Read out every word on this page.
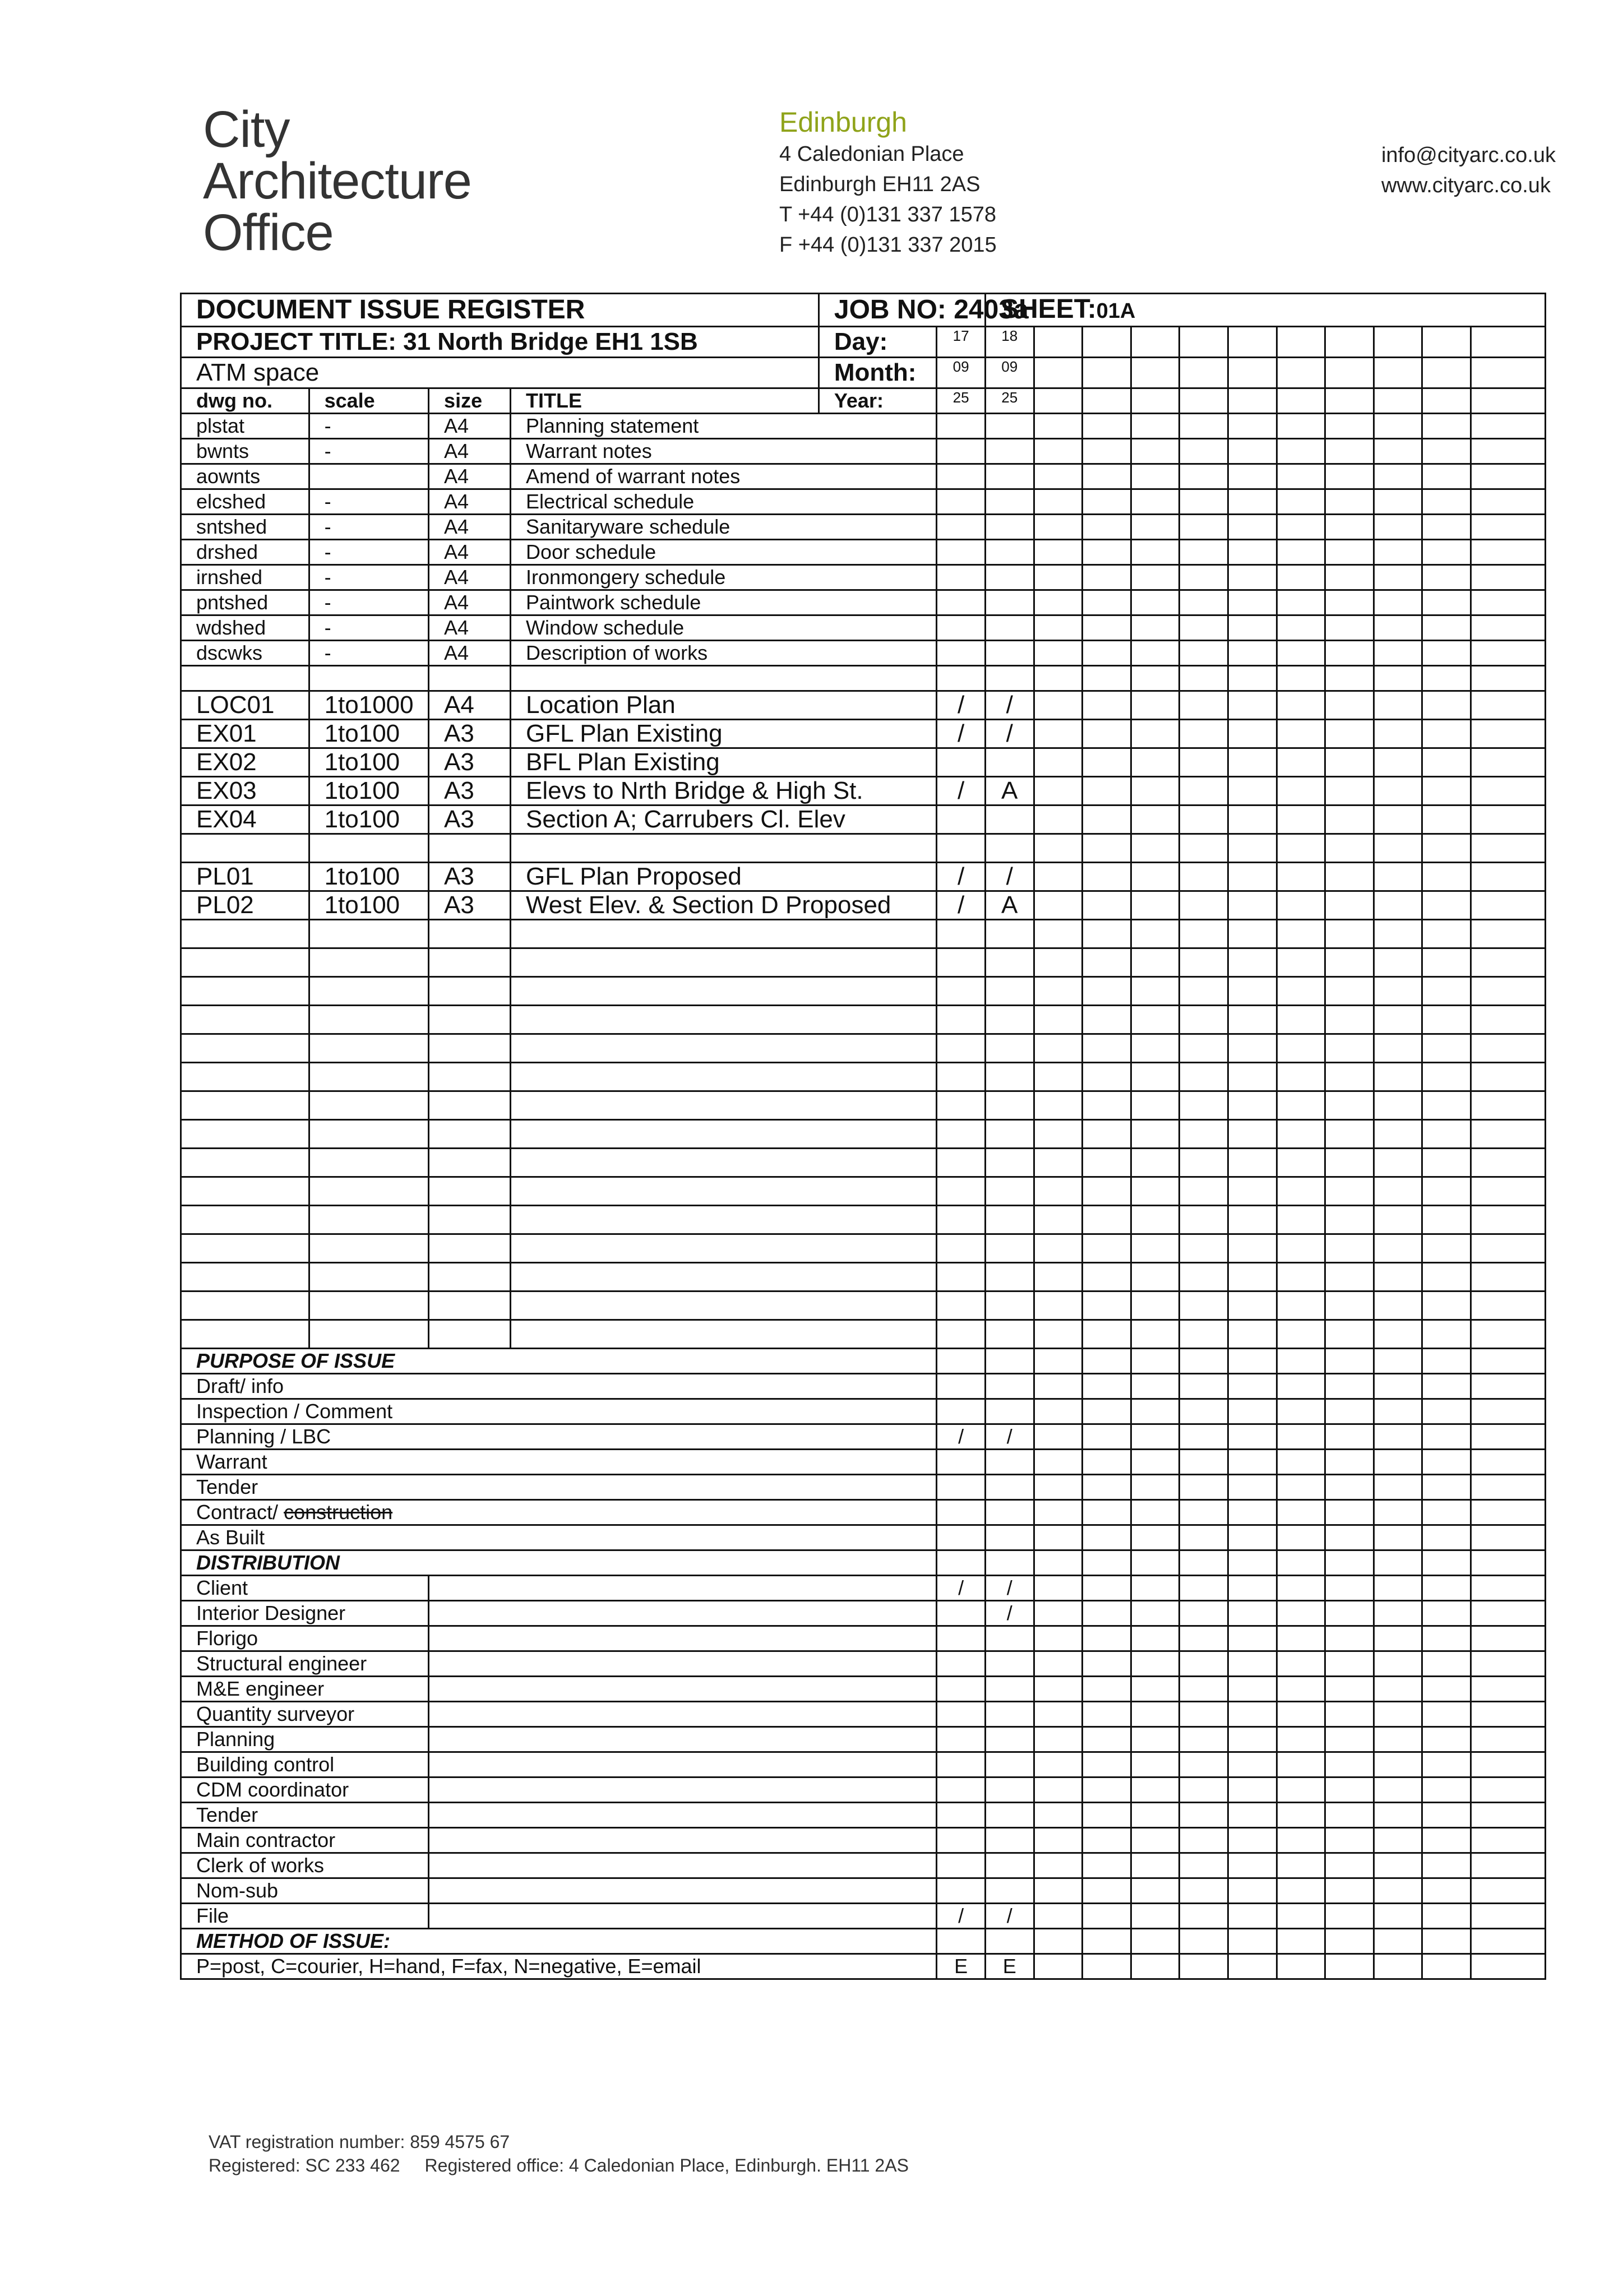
City
Architecture
Office
Edinburgh
4 Caledonian Place
Edinburgh EH11 2AS
T +44 (0)131 337 1578
F +44 (0)131 337 2015
info@cityarc.co.uk
www.cityarc.co.uk
DOCUMENT ISSUE REGISTER				JOB NO: 2403a		SHEET:01A										
PROJECT TITLE: 31 North Bridge EH1 1SB				Day:	17	18										
ATM space				Month:	09	09										
dwg no.	scale	size	TITLE	Year:	25	25										
plstat	-	A4	Planning statement													
bwnts	-	A4	Warrant notes													
aownts		A4	Amend of warrant notes													
elcshed	-	A4	Electrical schedule													
sntshed	-	A4	Sanitaryware schedule													
drshed	-	A4	Door schedule													
irnshed	-	A4	Ironmongery schedule													
pntshed	-	A4	Paintwork schedule													
wdshed	-	A4	Window schedule													
dscwks	-	A4	Description of works													

LOC01	1to1000	A4	Location Plan		/	/										
EX01	1to100	A3	GFL Plan Existing		/	/										
EX02	1to100	A3	BFL Plan Existing													
EX03	1to100	A3	Elevs to Nrth Bridge & High St.		/	A										
EX04	1to100	A3	Section A; Carrubers Cl. Elev													

PL01	1to100	A3	GFL Plan Proposed		/	/										
PL02	1to100	A3	West Elev. & Section D Proposed		/	A										

PURPOSE OF ISSUE																
Draft/ info																
Inspection / Comment																
Planning / LBC					/	/										
Warrant																
Tender																
Contract/ construction																
As Built																
DISTRIBUTION																
Client					/	/										
Interior Designer						/										
Florigo																
Structural engineer																
M&E engineer																
Quantity surveyor																
Planning																
Building control																
CDM coordinator																
Tender																
Main contractor																
Clerk of works																
Nom-sub																
File					/	/										
METHOD OF ISSUE:																
P=post, C=courier, H=hand, F=fax, N=negative, E=email					E	E										
VAT registration number: 859 4575 67
Registered: SC 233 462 Registered office: 4 Caledonian Place, Edinburgh. EH11 2AS
